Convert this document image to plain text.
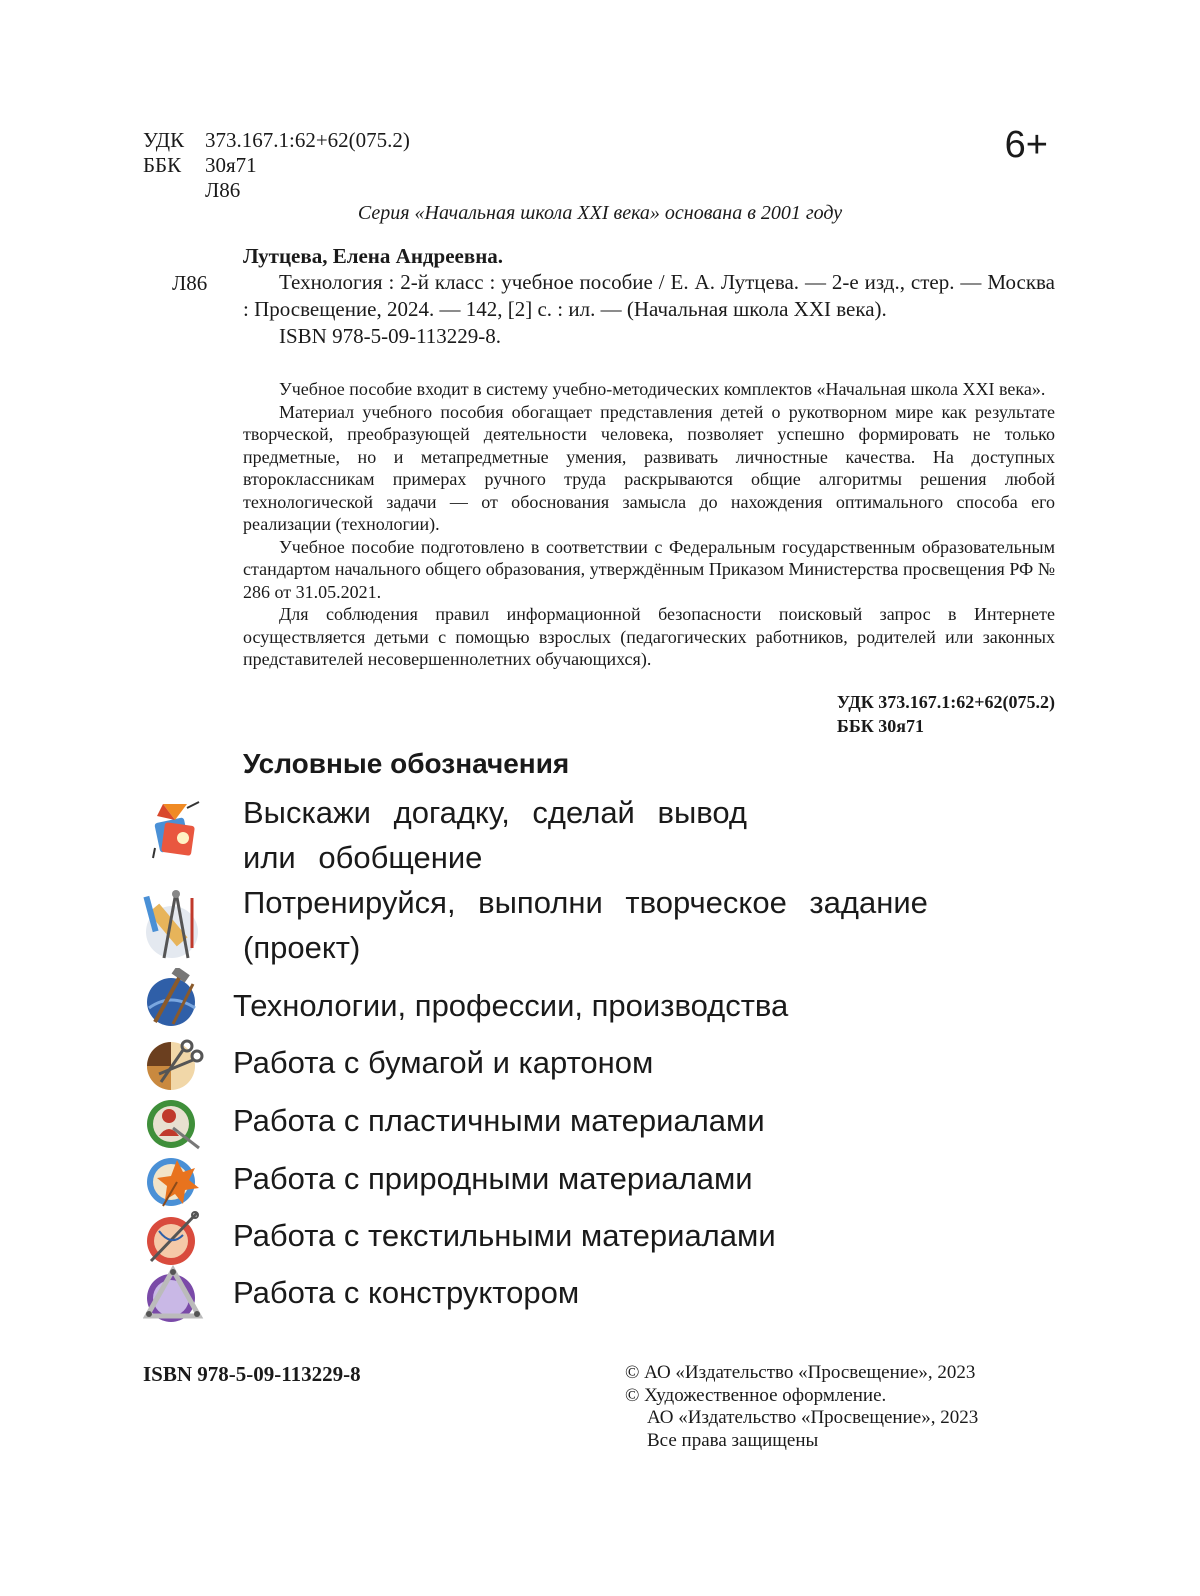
УДК 373.167.1:62+62(075.2)
ББК	30я71
Л86
6+
Серия «Начальная школа XXI века» основана в 2001 году
Лутцева, Елена Андреевна.
Л86	Технология : 2-й класс : учебное пособие / Е. А. Лутцева. — 2-е изд., стер. — Москва : Просвещение, 2024. — 142, [2] с. : ил. — (Начальная школа XXI века).

ISBN 978-5-09-113229-8.

Учебное пособие входит в систему учебно-методических комплектов «Начальная школа XXI века».

Материал учебного пособия обогащает представления детей о рукотворном мире как результате творческой, преобразующей деятельности человека, позволяет успешно формировать не только предметные, но и метапредметные умения, развивать личностные качества. На доступных второклассникам примерах ручного труда раскрываются общие алгоритмы решения любой технологической задачи — от обоснования замысла до нахождения оптимального способа его реализации (технологии).

Учебное пособие подготовлено в соответствии с Федеральным государственным образовательным стандартом начального общего образования, утверждённым Приказом Министерства просвещения РФ № 286 от 31.05.2021.

Для соблюдения правил информационной безопасности поисковый запрос в Интернете осуществляется детьми с помощью взрослых (педагогических работников, родителей или законных представителей несовершеннолетних обучающихся).

УДК 373.167.1:62+62(075.2)
ББК 30я71
Условные обозначения
Выскажи догадку, сделай вывод или обобщение
Потренируйся, выполни творческое задание (проект)
Технологии, профессии, производства
Работа с бумагой и картоном
Работа с пластичными материалами
Работа с природными материалами
Работа с текстильными материалами
Работа с конструктором
ISBN 978-5-09-113229-8	© АО «Издательство «Просвещение», 2023
© Художественное оформление.
АО «Издательство «Просвещение», 2023
Все права защищены
